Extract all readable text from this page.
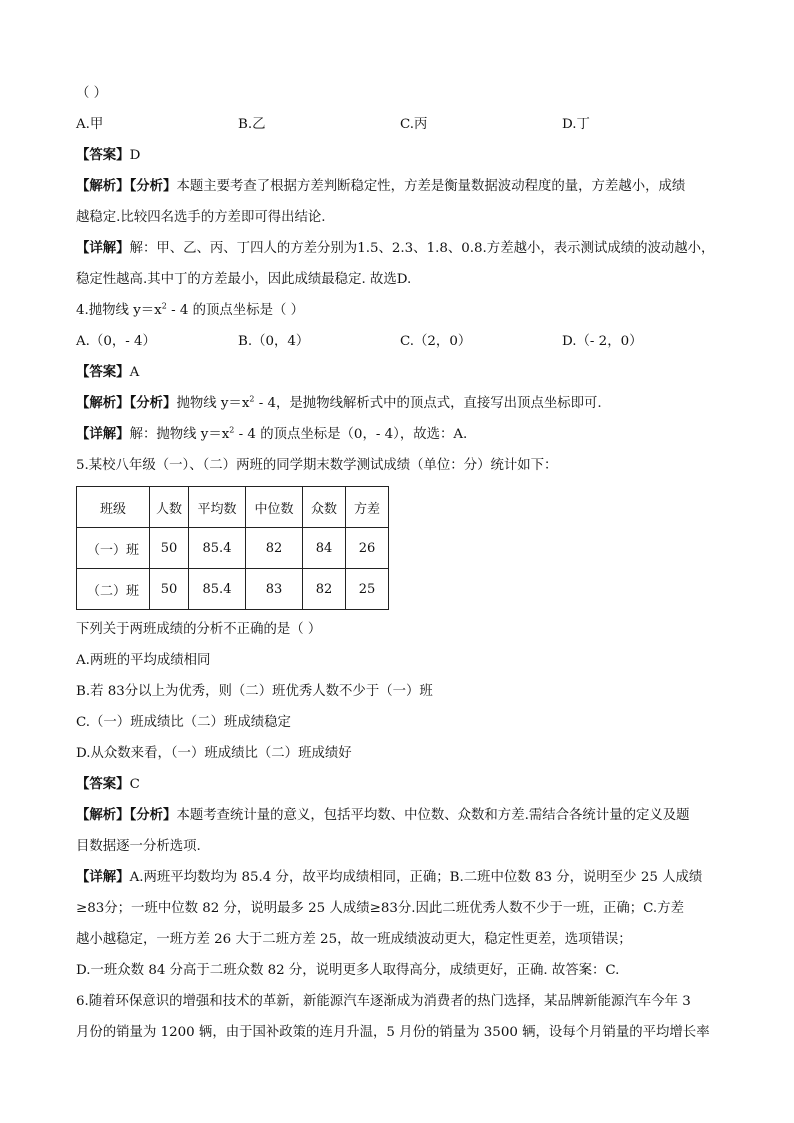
（ ）
A.甲	B.乙	C.丙	D.丁
【答案】D
【解析】【分析】本题主要考查了根据方差判断稳定性，方差是衡量数据波动程度的量，方差越小，成绩
越稳定.比较四名选手的方差即可得出结论.
【详解】解：甲、乙、丙、丁四人的方差分别为1.5、2.3、1.8、0.8.方差越小，表示测试成绩的波动越小，
稳定性越高.其中丁的方差最小，因此成绩最稳定. 故选D.
4.抛物线 $y=x^2 - 4$ 的顶点坐标是（ ）
A.（0，- 4）	B.（0，4）	C.（2，0）	D.（- 2，0）
【答案】A
【解析】【分析】抛物线 $y=x^2 - 4$，是抛物线解析式中的顶点式，直接写出顶点坐标即可.
【详解】解：抛物线 $y=x^2 - 4$ 的顶点坐标是（0，- 4），故选：A.
5.某校八年级（一）、（二）两班的同学期末数学测试成绩（单位：分）统计如下：
班级	人数	平均数	中位数	众数	方差
（一）班	50	85.4	82	84	26
（二）班	50	85.4	83	82	25
下列关于两班成绩的分析不正确的是（ ）
A.两班的平均成绩相同
B.若 83分以上为优秀，则（二）班优秀人数不少于（一）班
C.（一）班成绩比（二）班成绩稳定
D.从众数来看，（一）班成绩比（二）班成绩好
【答案】C
【解析】【分析】本题考查统计量的意义，包括平均数、中位数、众数和方差.需结合各统计量的定义及题
目数据逐一分析选项.
【详解】A.两班平均数均为 85.4 分，故平均成绩相同，正确；B.二班中位数 83 分，说明至少 25 人成绩
≥83分；一班中位数 82 分，说明最多 25 人成绩≥83分.因此二班优秀人数不少于一班，正确；C.方差
越小越稳定，一班方差 26 大于二班方差 25，故一班成绩波动更大，稳定性更差，选项错误；
D.一班众数 84 分高于二班众数 82 分，说明更多人取得高分，成绩更好，正确. 故答案：C.
6.随着环保意识的增强和技术的革新，新能源汽车逐渐成为消费者的热门选择，某品牌新能源汽车今年 3
月份的销量为 1200 辆，由于国补政策的连月升温，5 月份的销量为 3500 辆，设每个月销量的平均增长率
